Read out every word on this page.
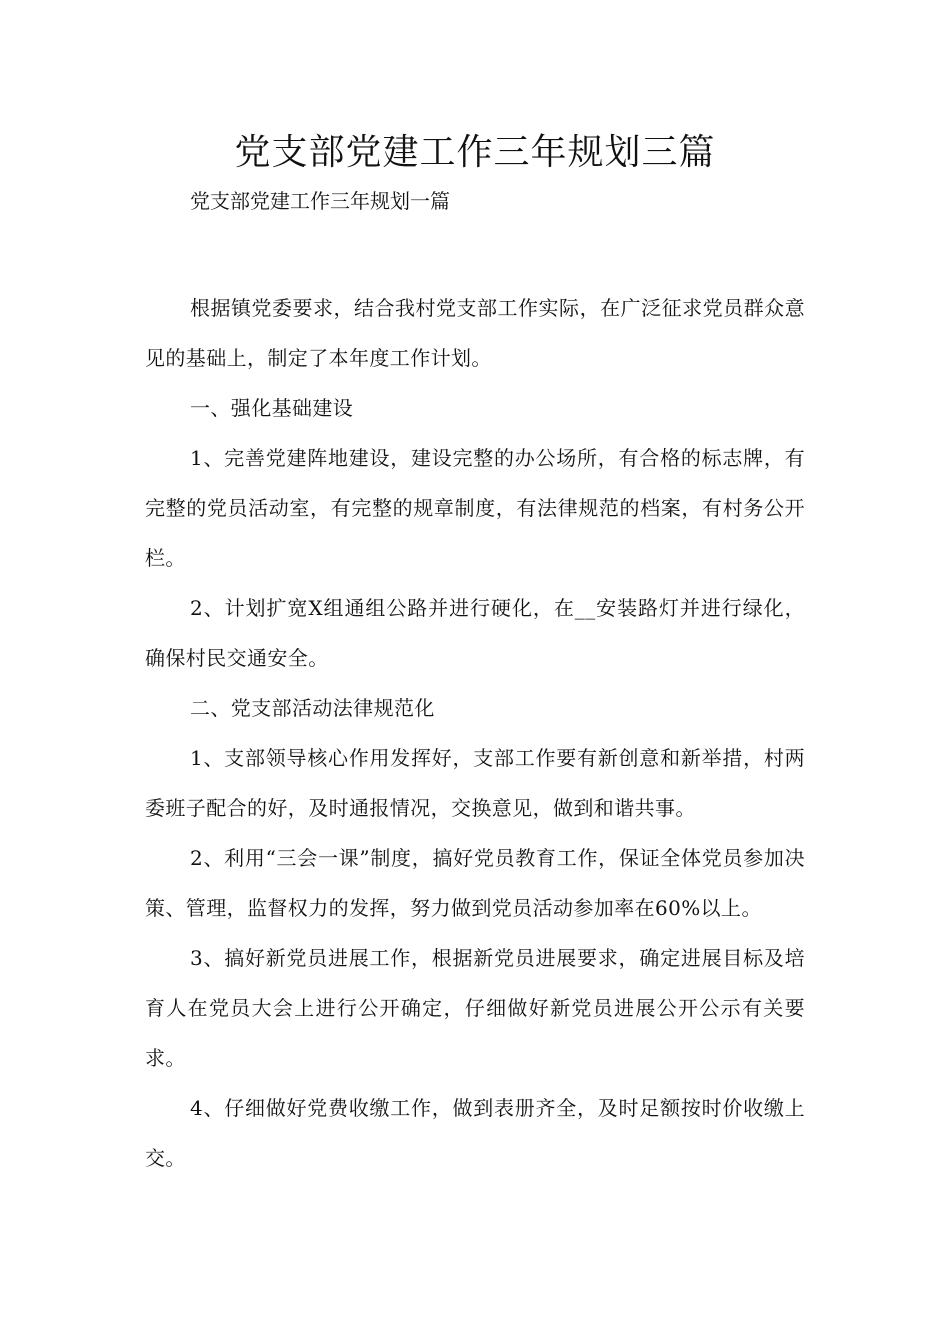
党支部党建工作三年规划三篇

党支部党建工作三年规划一篇

根据镇党委要求，结合我村党支部工作实际，在广泛征求党员群众意见的基础上，制定了本年度工作计划。

一、强化基础建设

1、完善党建阵地建设，建设完整的办公场所，有合格的标志牌，有完整的党员活动室，有完整的规章制度，有法律规范的档案，有村务公开栏。

2、计划扩宽X组通组公路并进行硬化，在__安装路灯并进行绿化，确保村民交通安全。

二、党支部活动法律规范化

1、支部领导核心作用发挥好，支部工作要有新创意和新举措，村两委班子配合的好，及时通报情况，交换意见，做到和谐共事。

2、利用“三会一课”制度，搞好党员教育工作，保证全体党员参加决策、管理，监督权力的发挥，努力做到党员活动参加率在60%以上。

3、搞好新党员进展工作，根据新党员进展要求，确定进展目标及培育人在党员大会上进行公开确定，仔细做好新党员进展公开公示有关要求。

4、仔细做好党费收缴工作，做到表册齐全，及时足额按时价收缴上交。
